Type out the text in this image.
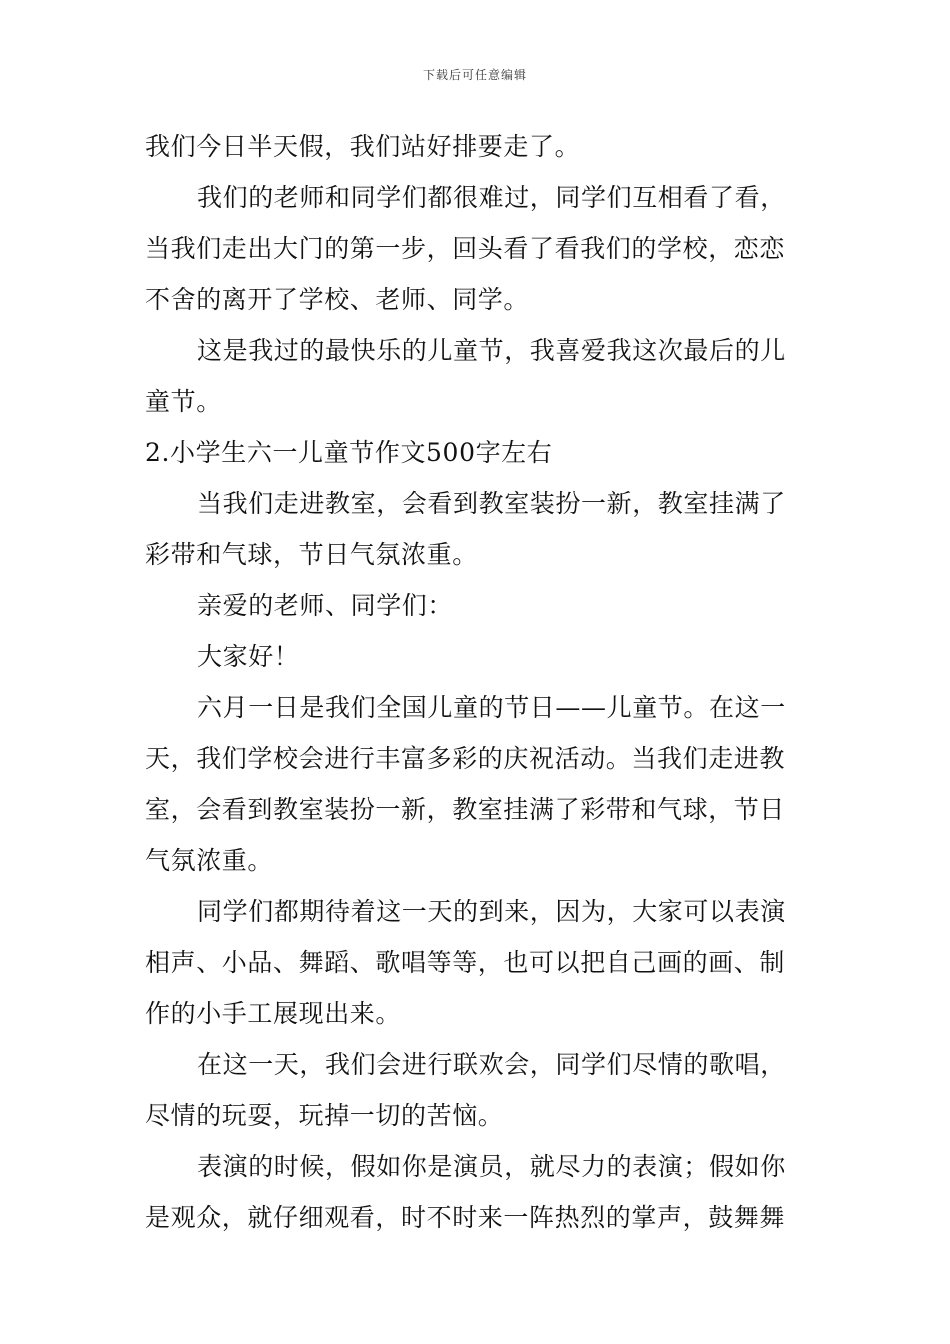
下载后可任意编辑
我们今日半天假，我们站好排要走了。
我们的老师和同学们都很难过，同学们互相看了看，
当我们走出大门的第一步，回头看了看我们的学校，恋恋
不舍的离开了学校、老师、同学。
这是我过的最快乐的儿童节，我喜爱我这次最后的儿
童节。
2.小学生六一儿童节作文500字左右
当我们走进教室，会看到教室装扮一新，教室挂满了
彩带和气球，节日气氛浓重。
亲爱的老师、同学们：
大家好！
六月一日是我们全国儿童的节日——儿童节。在这一
天，我们学校会进行丰富多彩的庆祝活动。当我们走进教
室，会看到教室装扮一新，教室挂满了彩带和气球，节日
气氛浓重。
同学们都期待着这一天的到来，因为，大家可以表演
相声、小品、舞蹈、歌唱等等，也可以把自己画的画、制
作的小手工展现出来。
在这一天，我们会进行联欢会，同学们尽情的歌唱，
尽情的玩耍，玩掉一切的苦恼。
表演的时候，假如你是演员，就尽力的表演；假如你
是观众，就仔细观看，时不时来一阵热烈的掌声，鼓舞舞
